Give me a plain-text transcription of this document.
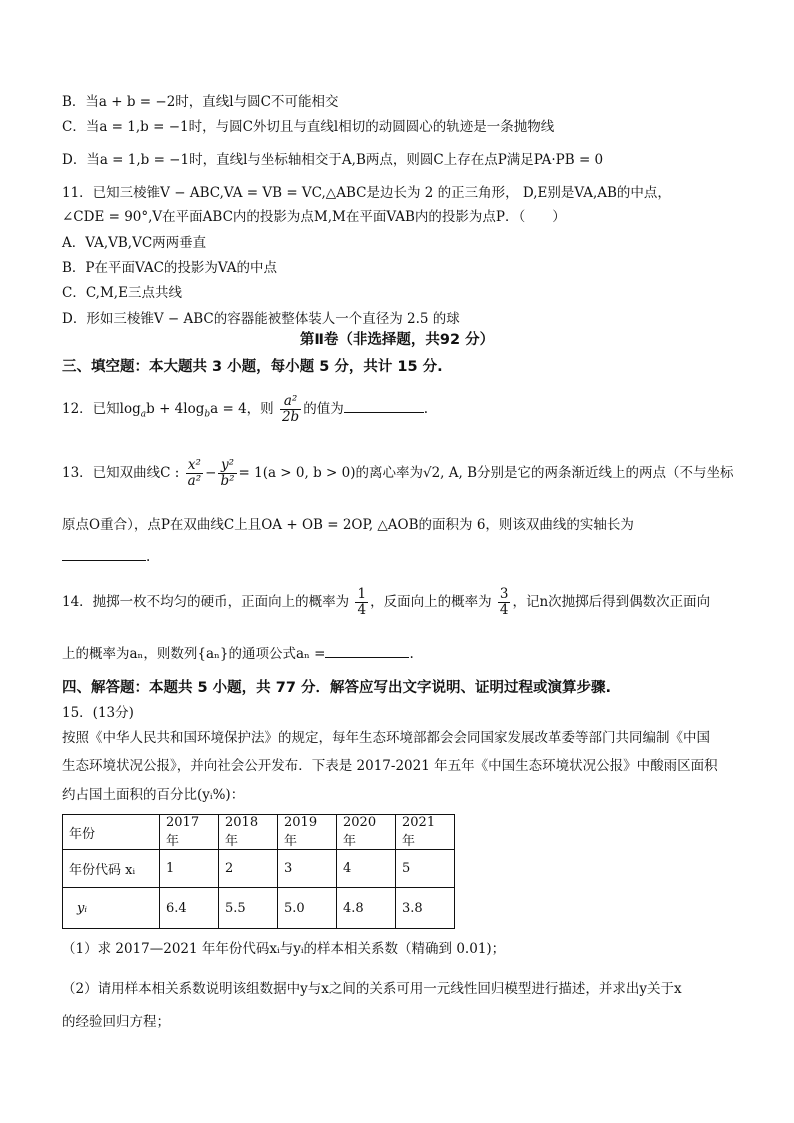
B．当a + b = −2时，直线l与圆C不可能相交
C．当a = 1,b = −1时，与圆C外切且与直线l相切的动圆圆心的轨迹是一条抛物线
D．当a = 1,b = −1时，直线l与坐标轴相交于A,B两点，则圆C上存在点P满足PA·PB = 0
11．已知三棱锥V − ABC,VA = VB = VC,△ABC是边长为 2 的正三角形， D,E别是VA,AB的中点，
∠CDE = 90°,V在平面ABC内的投影为点M,M在平面VAB内的投影为点P．（　　）
A．VA,VB,VC两两垂直
B．P在平面VAC的投影为VA的中点
C．C,M,E三点共线
D．形如三棱锥V − ABC的容器能被整体装人一个直径为 2.5 的球
第Ⅱ卷（非选择题，共92 分）
三、填空题：本大题共 3 小题，每小题 5 分，共计 15 分.
12．已知$\log_ab + 4\log_ba = 4$，则 $\frac{\text{a²}}{2b}$ 的值为	.
13．已知双曲线C : $\frac{\text{x²}}{\text{a²}} - \frac{\text{y²}}{\text{b²}} = 1(a > 0$, b > 0)的离心率为√2, A, B分别是它的两条渐近线上的两点（不与坐标
原点O重合），点P在双曲线C上且OA + OB = 2OP, △AOB的面积为 6，则该双曲线的实轴长为
.
14．抛掷一枚不均匀的硬币，正面向上的概率为 $\frac{1}{4}$ ，反面向上的概率为 $\frac{3}{4}$ ，记n次抛掷后得到偶数次正面向
上的概率为aₙ，则数列{aₙ}的通项公式aₙ =	.
四、解答题：本题共 5 小题，共 77 分．解答应写出文字说明、证明过程或演算步骤.
15．(13分)
按照《中华人民共和国环境保护法》的规定，每年生态环境部都会会同国家发展改革委等部门共同编制《中国
生态环境状况公报》，并向社会公开发布．下表是 2017-2021 年五年《中国生态环境状况公报》中酸雨区面积
约占国土面积的百分比(yᵢ%)：
年份	2017 年	2018 年	2019 年	2020 年	2021 年
年份代码 xᵢ	1	2	3	4	5
yᵢ	6.4	5.5	5.0	4.8	3.8
（1）求 2017—2021 年年份代码xᵢ与yᵢ的样本相关系数（精确到 0.01)；
（2）请用样本相关系数说明该组数据中y与x之间的关系可用一元线性回归模型进行描述，并求出y关于x
的经验回归方程；
